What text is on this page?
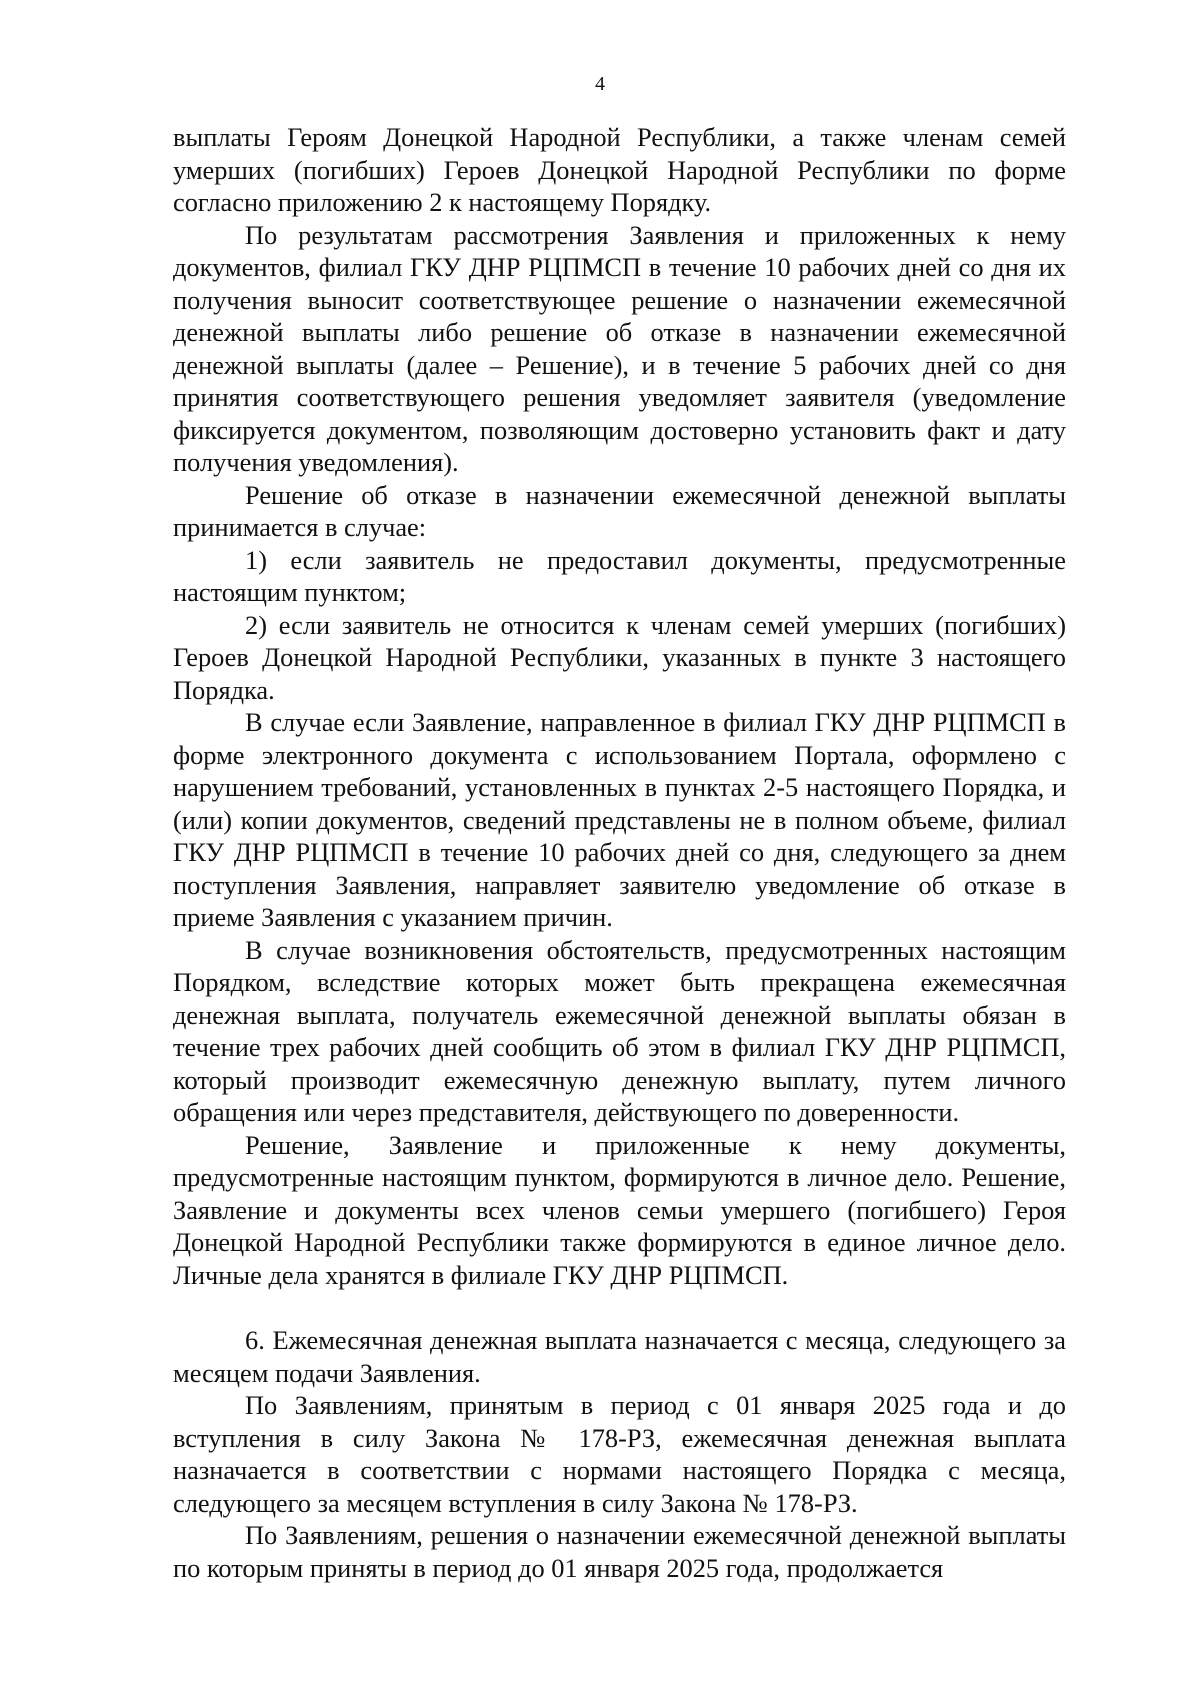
4

выплаты Героям Донецкой Народной Республики, а также членам семей умерших (погибших) Героев Донецкой Народной Республики по форме согласно приложению 2 к настоящему Порядку.

По результатам рассмотрения Заявления и приложенных к нему документов, филиал ГКУ ДНР РЦПМСП в течение 10 рабочих дней со дня их получения выносит соответствующее решение о назначении ежемесячной денежной выплаты либо решение об отказе в назначении ежемесячной денежной выплаты (далее – Решение), и в течение 5 рабочих дней со дня принятия соответствующего решения уведомляет заявителя (уведомление фиксируется документом, позволяющим достоверно установить факт и дату получения уведомления).

Решение об отказе в назначении ежемесячной денежной выплаты принимается в случае:

1) если заявитель не предоставил документы, предусмотренные настоящим пунктом;

2) если заявитель не относится к членам семей умерших (погибших) Героев Донецкой Народной Республики, указанных в пункте 3 настоящего Порядка.

В случае если Заявление, направленное в филиал ГКУ ДНР РЦПМСП в форме электронного документа с использованием Портала, оформлено с нарушением требований, установленных в пунктах 2-5 настоящего Порядка, и (или) копии документов, сведений представлены не в полном объеме, филиал ГКУ ДНР РЦПМСП в течение 10 рабочих дней со дня, следующего за днем поступления Заявления, направляет заявителю уведомление об отказе в приеме Заявления с указанием причин.

В случае возникновения обстоятельств, предусмотренных настоящим Порядком, вследствие которых может быть прекращена ежемесячная денежная выплата, получатель ежемесячной денежной выплаты обязан в течение трех рабочих дней сообщить об этом в филиал ГКУ ДНР РЦПМСП, который производит ежемесячную денежную выплату, путем личного обращения или через представителя, действующего по доверенности.

Решение, Заявление и приложенные к нему документы, предусмотренные настоящим пунктом, формируются в личное дело. Решение, Заявление и документы всех членов семьи умершего (погибшего) Героя Донецкой Народной Республики также формируются в единое личное дело. Личные дела хранятся в филиале ГКУ ДНР РЦПМСП.

6. Ежемесячная денежная выплата назначается с месяца, следующего за месяцем подачи Заявления.

По Заявлениям, принятым в период с 01 января 2025 года и до вступления в силу Закона № 178-РЗ, ежемесячная денежная выплата назначается в соответствии с нормами настоящего Порядка с месяца, следующего за месяцем вступления в силу Закона № 178-РЗ.

По Заявлениям, решения о назначении ежемесячной денежной выплаты по которым приняты в период до 01 января 2025 года, продолжается
